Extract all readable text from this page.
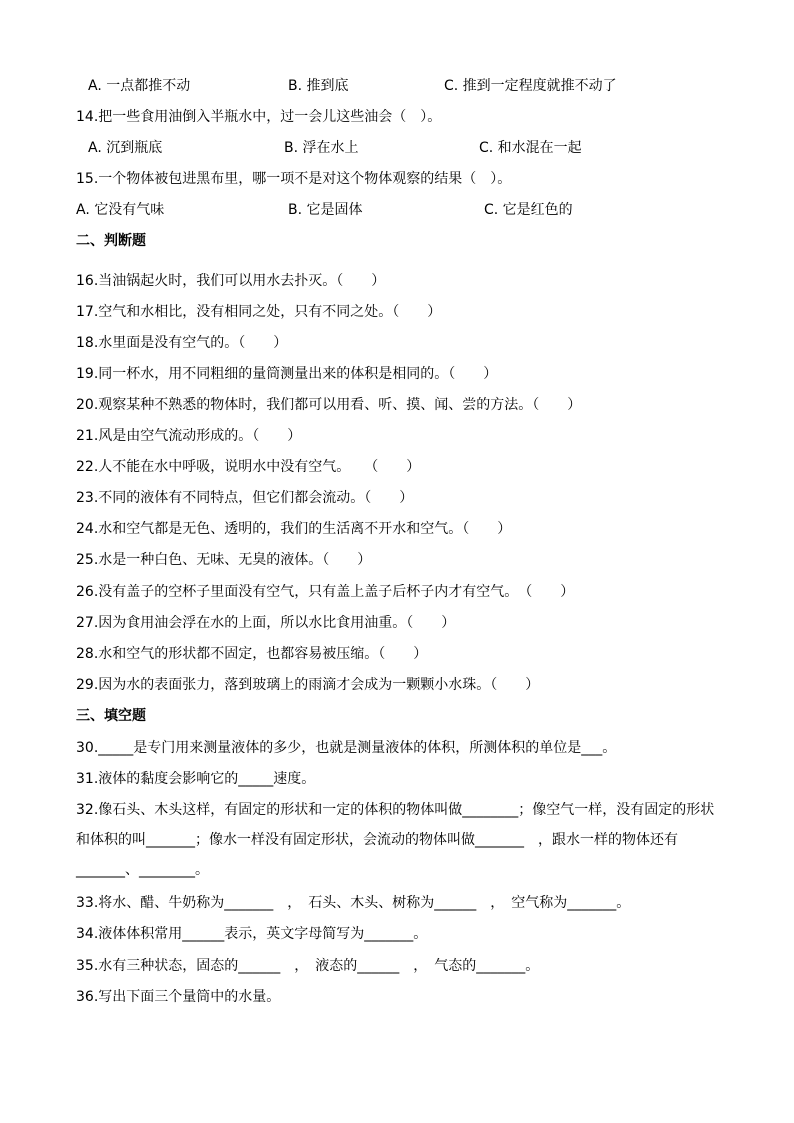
A. 一点都推不动	B. 推到底	C. 推到一定程度就推不动了
14.把一些食用油倒入半瓶水中，过一会儿这些油会（　）。
A. 沉到瓶底	B. 浮在水上	C. 和水混在一起
15.一个物体被包进黑布里，哪一项不是对这个物体观察的结果（　）。
A. 它没有气味	B. 它是固体	C. 它是红色的
二、判断题
16.当油锅起火时，我们可以用水去扑灭。（　　）
17.空气和水相比，没有相同之处，只有不同之处。（　　）
18.水里面是没有空气的。（　　）
19.同一杯水，用不同粗细的量筒测量出来的体积是相同的。（　　）
20.观察某种不熟悉的物体时，我们都可以用看、听、摸、闻、尝的方法。（　　）
21.风是由空气流动形成的。（　　）
22.人不能在水中呼吸，说明水中没有空气。　　（　　）
23.不同的液体有不同特点，但它们都会流动。（　　）
24.水和空气都是无色、透明的，我们的生活离不开水和空气。（　　）
25.水是一种白色、无味、无臭的液体。（　　）
26.没有盖子的空杯子里面没有空气，只有盖上盖子后杯子内才有空气。　（　　）
27.因为食用油会浮在水的上面，所以水比食用油重。（　　）
28.水和空气的形状都不固定，也都容易被压缩。（　　）
29.因为水的表面张力，落到玻璃上的雨滴才会成为一颗颗小水珠。（　　）
三、填空题
30._____是专门用来测量液体的多少，也就是测量液体的体积，所测体积的单位是___。
31.液体的黏度会影响它的_____速度。
32.像石头、木头这样，有固定的形状和一定的体积的物体叫做________；像空气一样，没有固定的形状和体积的叫_______；像水一样没有固定形状，会流动的物体叫做_______　，跟水一样的物体还有_______、________。
33.将水、醋、牛奶称为_______　，　石头、木头、树称为______　，　空气称为_______。
34.液体体积常用______表示，英文字母简写为_______。
35.水有三种状态，固态的______　，　液态的______　，　气态的_______。
36.写出下面三个量筒中的水量。
